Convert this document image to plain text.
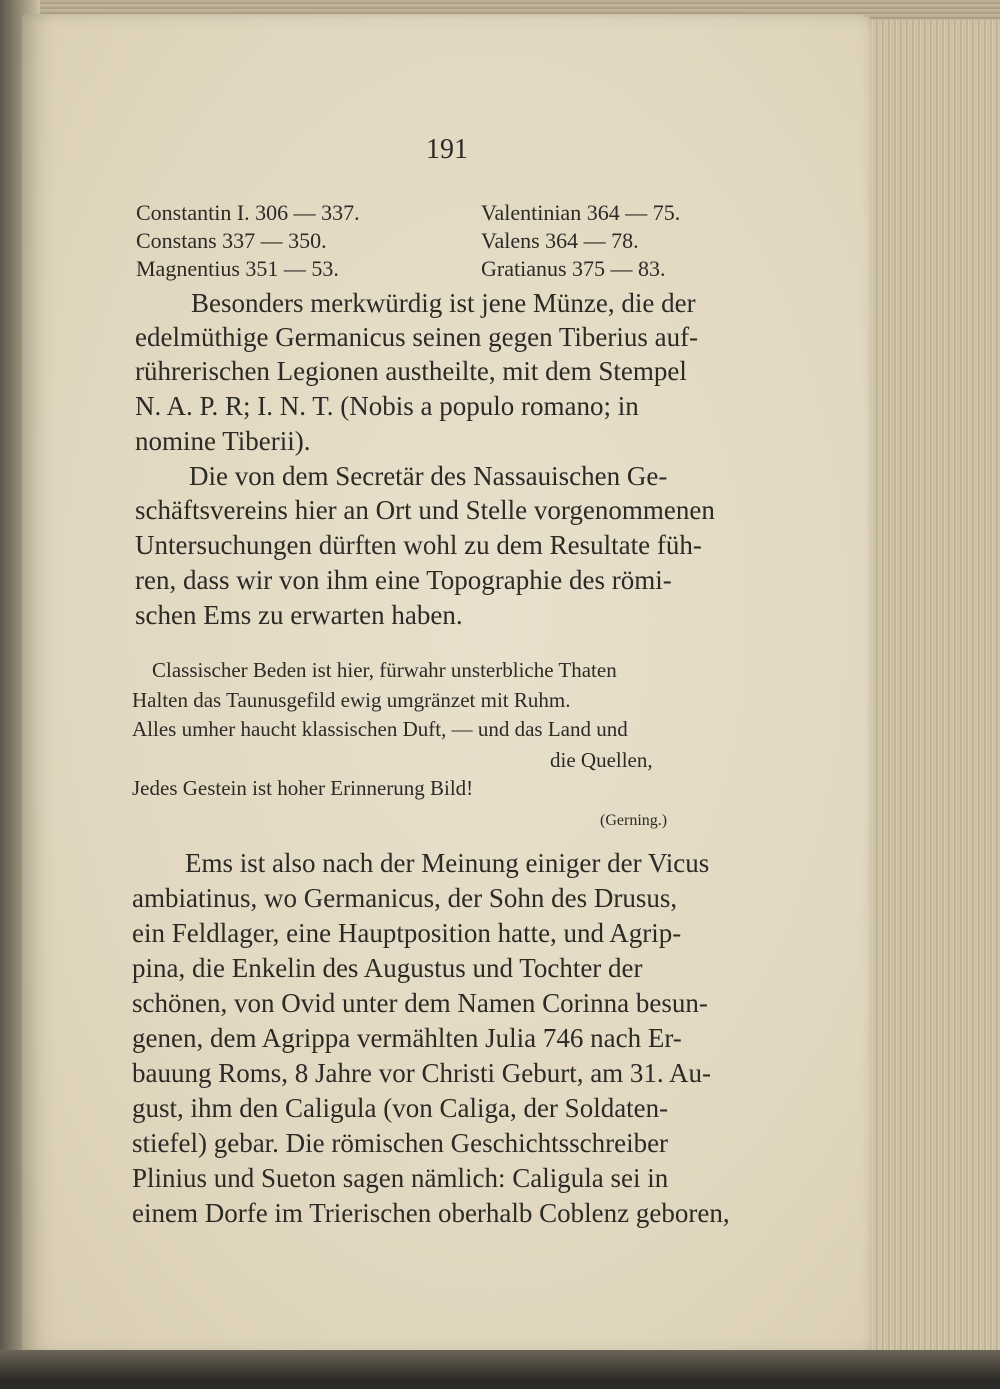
191
Constantin I. 306 — 337.
Constans 337 — 350.
Magnentius 351 — 53.
Valentinian 364 — 75.
Valens 364 — 78.
Gratianus 375 — 83.
Besonders merkwürdig ist jene Münze, die der
edelmüthige Germanicus seinen gegen Tiberius auf-
rührerischen Legionen austheilte, mit dem Stempel
N. A. P. R; I. N. T. (Nobis a populo romano; in
nomine Tiberii).
Die von dem Secretär des Nassauischen Ge-
schäftsvereins hier an Ort und Stelle vorgenommenen
Untersuchungen dürften wohl zu dem Resultate füh-
ren, dass wir von ihm eine Topographie des römi-
schen Ems zu erwarten haben.
Classischer Beden ist hier, fürwahr unsterbliche Thaten
Halten das Taunusgefild ewig umgränzet mit Ruhm.
Alles umher haucht klassischen Duft, — und das Land und
die Quellen,
Jedes Gestein ist hoher Erinnerung Bild!
(Gerning.)
Ems ist also nach der Meinung einiger der Vicus
ambiatinus, wo Germanicus, der Sohn des Drusus,
ein Feldlager, eine Hauptposition hatte, und Agrip-
pina, die Enkelin des Augustus und Tochter der
schönen, von Ovid unter dem Namen Corinna besun-
genen, dem Agrippa vermählten Julia 746 nach Er-
bauung Roms, 8 Jahre vor Christi Geburt, am 31. Au-
gust, ihm den Caligula (von Caliga, der Soldaten-
stiefel) gebar. Die römischen Geschichtsschreiber
Plinius und Sueton sagen nämlich: Caligula sei in
einem Dorfe im Trierischen oberhalb Coblenz geboren,
